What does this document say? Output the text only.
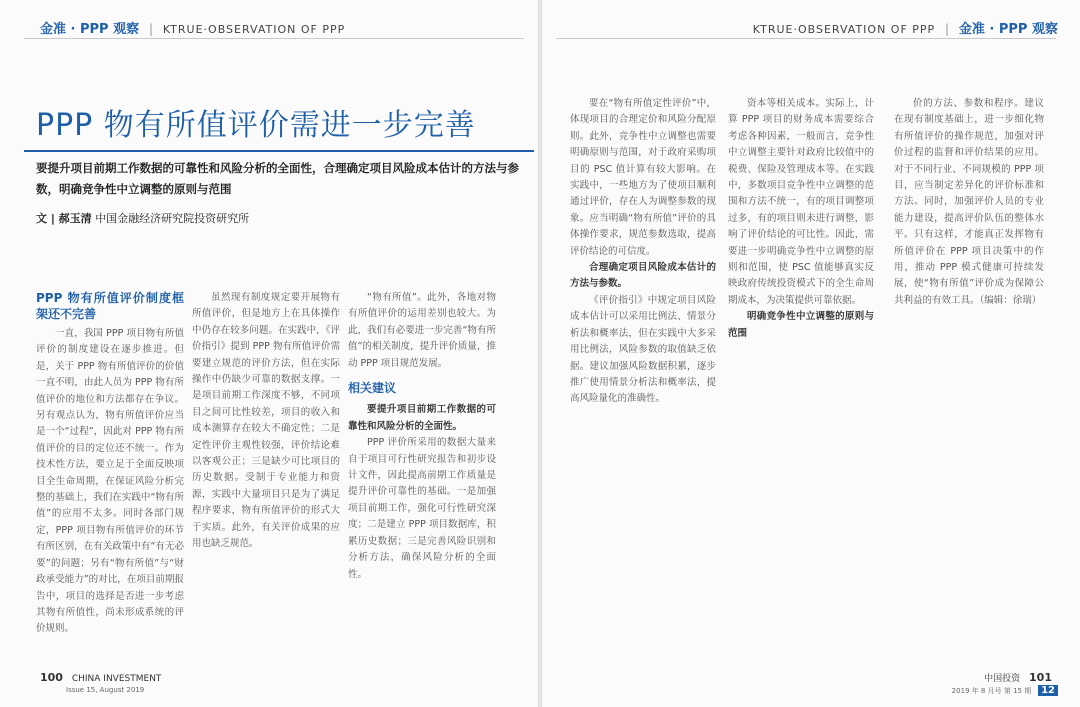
金准 · PPP 观察 | KTRUE·OBSERVATION OF PPP
PPP 物有所值评价需进一步完善
要提升项目前期工作数据的可靠性和风险分析的全面性，合理确定项目风险成本估计的方法与参数，明确竞争性中立调整的原则与范围
文 | 郝玉清 中国金融经济研究院投资研究所
PPP 物有所值评价制度框架还不完善

一直，我国 PPP 项目物有所值评价的制度建设在逐步推进。但是，关于 PPP 物有所值评价的价值一直不明，由此人员为 PPP 物有所值评价的地位和方法都存在争议。另有观点认为，物有所值评价应当是一个“过程”，因此对 PPP 物有所值评价的目的定位还不统一。作为技术性方法，要立足于全面反映项目全生命周期，在保证风险分析完整的基础上，我们在实践中“物有所值”的应用不太多。同时各部门规定，PPP 项目物有所值评价的环节有所区别，在有关政策中有“有无必要”的问题；另有“物有所值”与“财政承受能力”的对比，在项目前期报告中，项目的选择是否进一步考虑其物有所值性，尚未形成系统的评价规则。

虽然现有制度规定要开展物有所值评价，但是地方上在具体操作中仍存在较多问题。在实践中，《评价指引》提到 PPP 物有所值评价需要建立规范的评价方法，但在实际操作中仍缺少可靠的数据支撑。一是项目前期工作深度不够，不同项目之间可比性较差，项目的收入和成本测算存在较大不确定性；二是定性评价主观性较强，评价结论难以客观公正；三是缺少可比项目的历史数据。受制于专业能力和资源，实践中大量项目只是为了满足程序要求，物有所值评价的形式大于实质。此外，有关评价成果的应用也缺乏规范。

“物有所值”。此外，各地对物有所值评价的运用差别也较大。为此，我们有必要进一步完善“物有所值”的相关制度，提升评价质量，推动 PPP 项目规范发展。

相关建议

要提升项目前期工作数据的可靠性和风险分析的全面性。

PPP 评价所采用的数据大量来自于项目可行性研究报告和初步设计文件，因此提高前期工作质量是提升评价可靠性的基础。一是加强项目前期工作，强化可行性研究深度；二是建立 PPP 项目数据库，积累历史数据；三是完善风险识别和分析方法，确保风险分析的全面性。

100 CHINA INVESTMENT
Issue 15, August 2019
KTRUE·OBSERVATION OF PPP | 金准 · PPP 观察

要在“物有所值定性评价”中，体现项目的合理定价和风险分配原则。此外，竞争性中立调整也需要明确原则与范围，对于政府采购项目的 PSC 值计算有较大影响。在实践中，一些地方为了使项目顺利通过评价，存在人为调整参数的现象。应当明确“物有所值”评价的具体操作要求，规范参数选取，提高评价结论的可信度。

合理确定项目风险成本估计的方法与参数。

《评价指引》中规定项目风险成本估计可以采用比例法、情景分析法和概率法，但在实践中大多采用比例法，风险参数的取值缺乏依据。建议加强风险数据积累，逐步推广使用情景分析法和概率法，提高风险量化的准确性。

资本等相关成本。实际上，计算 PPP 项目的财务成本需要综合考虑各种因素，一般而言，竞争性中立调整主要针对政府比较值中的税费、保险及管理成本等。在实践中，多数项目竞争性中立调整的范围和方法不统一，有的项目调整项过多，有的项目则未进行调整，影响了评价结论的可比性。因此，需要进一步明确竞争性中立调整的原则和范围，使 PSC 值能够真实反映政府传统投资模式下的全生命周期成本，为决策提供可靠依据。

明确竞争性中立调整的原则与范围

价的方法、参数和程序。建议在现有制度基础上，进一步细化物有所值评价的操作规范，加强对评价过程的监督和评价结果的应用。对于不同行业、不同规模的 PPP 项目，应当制定差异化的评价标准和方法。同时，加强评价人员的专业能力建设，提高评价队伍的整体水平。只有这样，才能真正发挥物有所值评价在 PPP 项目决策中的作用，推动 PPP 模式健康可持续发展，使“物有所值”评价成为保障公共利益的有效工具。（编辑：徐瑞）

中国投资 101
2019 年 8 月号 第 15 期 12
